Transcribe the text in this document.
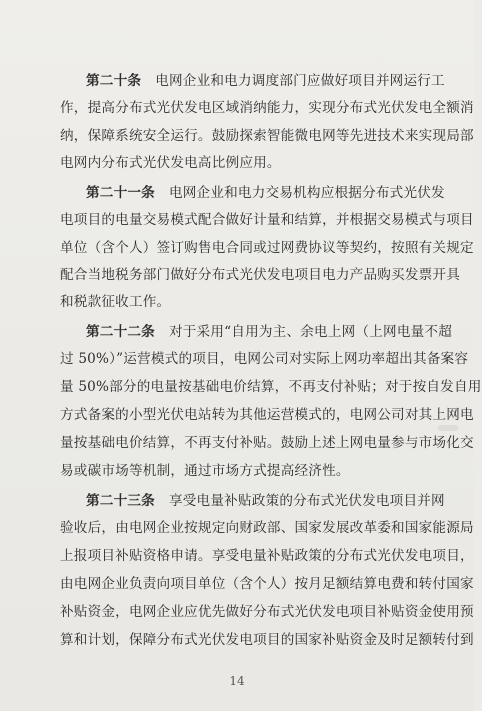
第二十条 电网企业和电力调度部门应做好项目并网运行工
作，提高分布式光伏发电区域消纳能力，实现分布式光伏发电全额消
纳，保障系统安全运行。鼓励探索智能微电网等先进技术来实现局部
电网内分布式光伏发电高比例应用。
第二十一条 电网企业和电力交易机构应根据分布式光伏发
电项目的电量交易模式配合做好计量和结算，并根据交易模式与项目
单位（含个人）签订购售电合同或过网费协议等契约，按照有关规定
配合当地税务部门做好分布式光伏发电项目电力产品购买发票开具
和税款征收工作。
第二十二条 对于采用“自用为主、余电上网（上网电量不超
过 50%）”运营模式的项目，电网公司对实际上网功率超出其备案容
量 50%部分的电量按基础电价结算，不再支付补贴；对于按自发自用
方式备案的小型光伏电站转为其他运营模式的，电网公司对其上网电
量按基础电价结算，不再支付补贴。鼓励上述上网电量参与市场化交
易或碳市场等机制，通过市场方式提高经济性。
第二十三条 享受电量补贴政策的分布式光伏发电项目并网
验收后，由电网企业按规定向财政部、国家发展改革委和国家能源局
上报项目补贴资格申请。享受电量补贴政策的分布式光伏发电项目，
由电网企业负责向项目单位（含个人）按月足额结算电费和转付国家
补贴资金，电网企业应优先做好分布式光伏发电项目补贴资金使用预
算和计划，保障分布式光伏发电项目的国家补贴资金及时足额转付到
14
